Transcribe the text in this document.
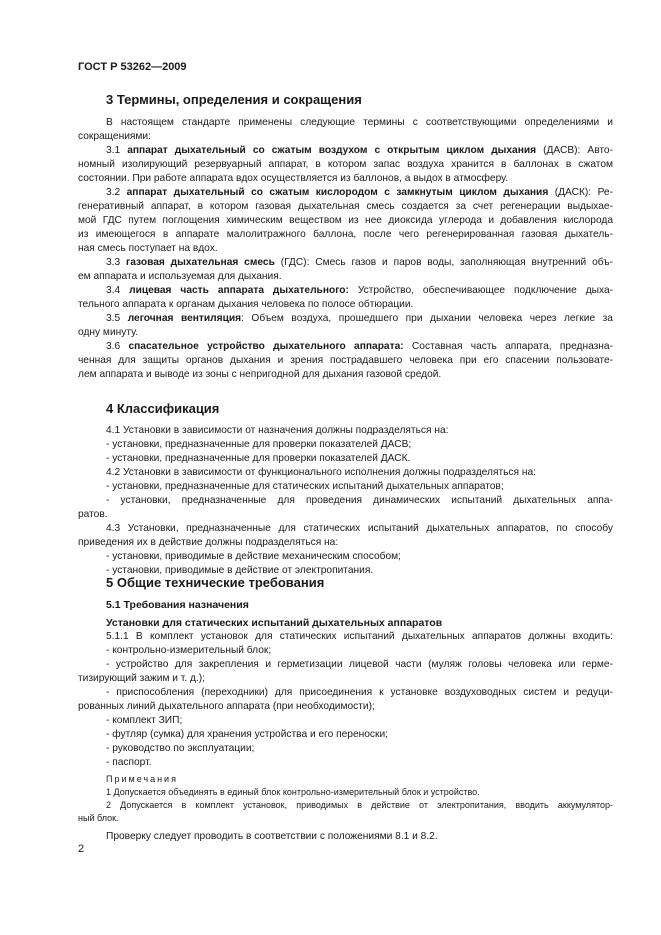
ГОСТ Р 53262—2009
3 Термины, определения и сокращения
В настоящем стандарте применены следующие термины с соответствующими определениями и
сокращениями:
3.1 аппарат дыхательный со сжатым воздухом с открытым циклом дыхания (ДАСВ): Авто-
номный изолирующий резервуарный аппарат, в котором запас воздуха хранится в баллонах в сжатом
состоянии. При работе аппарата вдох осуществляется из баллонов, а выдох в атмосферу.
3.2 аппарат дыхательный со сжатым кислородом с замкнутым циклом дыхания (ДАСК): Ре-
генеративный аппарат, в котором газовая дыхательная смесь создается за счет регенерации выдыхае-
мой ГДС путем поглощения химическим веществом из нее диоксида углерода и добавления кислорода
из имеющегося в аппарате малолитражного баллона, после чего регенерированная газовая дыхатель-
ная смесь поступает на вдох.
3.3 газовая дыхательная смесь (ГДС): Смесь газов и паров воды, заполняющая внутренний объ-
ем аппарата и используемая для дыхания.
3.4 лицевая часть аппарата дыхательного: Устройство, обеспечивающее подключение дыха-
тельного аппарата к органам дыхания человека по полосе обтюрации.
3.5 легочная вентиляция: Объем воздуха, прошедшего при дыхании человека через легкие за
одну минуту.
3.6 спасательное устройство дыхательного аппарата: Составная часть аппарата, предназна-
ченная для защиты органов дыхания и зрения пострадавшего человека при его спасении пользовате-
лем аппарата и выводе из зоны с непригодной для дыхания газовой средой.
4 Классификация
4.1 Установки в зависимости от назначения должны подразделяться на:
- установки, предназначенные для проверки показателей ДАСВ;
- установки, предназначенные для проверки показателей ДАСК.
4.2 Установки в зависимости от функционального исполнения должны подразделяться на:
- установки, предназначенные для статических испытаний дыхательных аппаратов;
- установки, предназначенные для проведения динамических испытаний дыхательных аппа-
ратов.
4.3 Установки, предназначенные для статических испытаний дыхательных аппаратов, по способу
приведения их в действие должны подразделяться на:
- установки, приводимые в действие механическим способом;
- установки, приводимые в действие от электропитания.
5 Общие технические требования
5.1 Требования назначения
Установки для статических испытаний дыхательных аппаратов
5.1.1 В комплект установок для статических испытаний дыхательных аппаратов должны входить:
- контрольно-измерительный блок;
- устройство для закрепления и герметизации лицевой части (муляж головы человека или герме-
тизирующий зажим и т. д.);
- приспособления (переходники) для присоединения к установке воздуховодных систем и редуци-
рованных линий дыхательного аппарата (при необходимости);
- комплект ЗИП;
- футляр (сумка) для хранения устройства и его переноски;
- руководство по эксплуатации;
- паспорт.
Примечания
1 Допускается объединять в единый блок контрольно-измерительный блок и устройство.
2 Допускается в комплект установок, приводимых в действие от электропитания, вводить аккумулятор-
ный блок.
Проверку следует проводить в соответствии с положениями 8.1 и 8.2.
2
